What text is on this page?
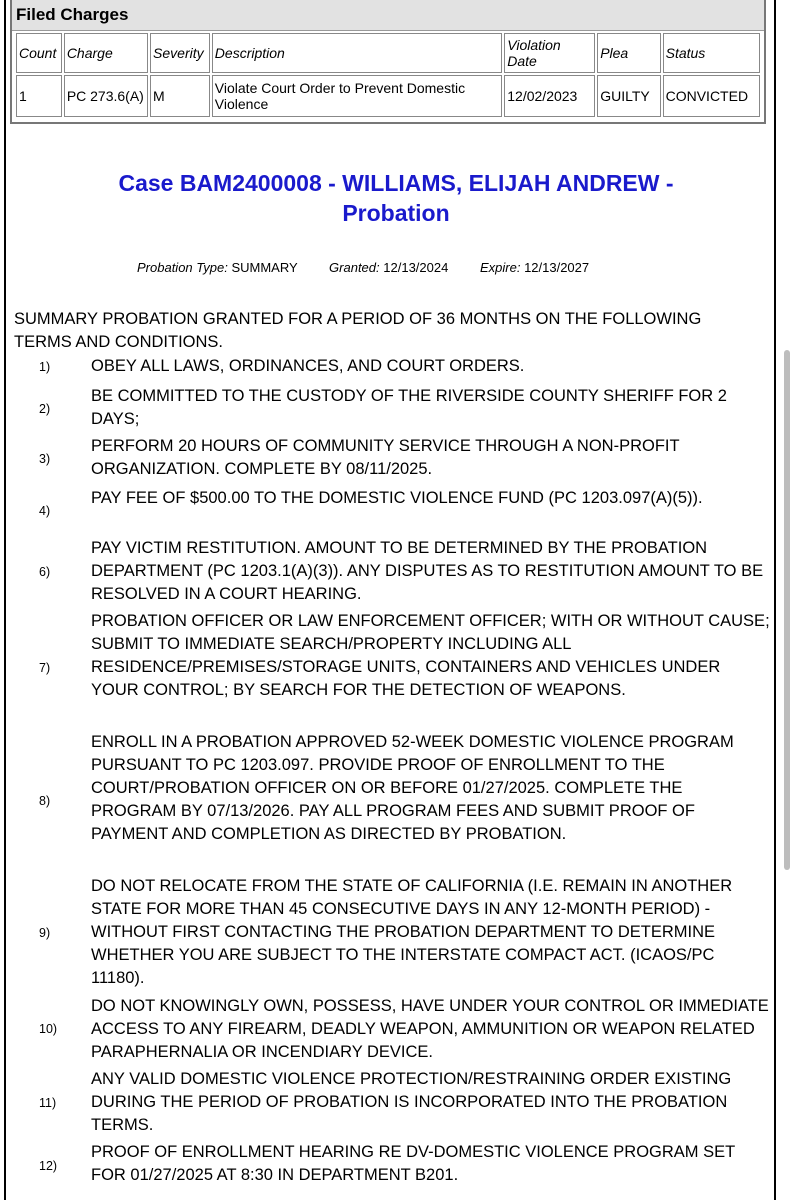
Filed Charges
Count	Charge	Severity	Description	Violation Date	Plea	Status
1	PC 273.6(A)	M	Violate Court Order to Prevent Domestic Violence	12/02/2023	GUILTY	CONVICTED
Case BAM2400008 - WILLIAMS, ELIJAH ANDREW - Probation
Probation Type: SUMMARY Granted: 12/13/2024 Expire: 12/13/2027
SUMMARY PROBATION GRANTED FOR A PERIOD OF 36 MONTHS ON THE FOLLOWING TERMS AND CONDITIONS.
1)	OBEY ALL LAWS, ORDINANCES, AND COURT ORDERS.
2)
BE COMMITTED TO THE CUSTODY OF THE RIVERSIDE COUNTY SHERIFF FOR 2 DAYS;
3)
PERFORM 20 HOURS OF COMMUNITY SERVICE THROUGH A NON-PROFIT ORGANIZATION. COMPLETE BY 08/11/2025.
4)
PAY FEE OF $500.00 TO THE DOMESTIC VIOLENCE FUND (PC 1203.097(A)(5)).
6)
PAY VICTIM RESTITUTION. AMOUNT TO BE DETERMINED BY THE PROBATION DEPARTMENT (PC 1203.1(A)(3)). ANY DISPUTES AS TO RESTITUTION AMOUNT TO BE RESOLVED IN A COURT HEARING.
7)
PROBATION OFFICER OR LAW ENFORCEMENT OFFICER; WITH OR WITHOUT CAUSE; SUBMIT TO IMMEDIATE SEARCH/PROPERTY INCLUDING ALL RESIDENCE/PREMISES/STORAGE UNITS, CONTAINERS AND VEHICLES UNDER YOUR CONTROL; BY SEARCH FOR THE DETECTION OF WEAPONS.
8)
ENROLL IN A PROBATION APPROVED 52-WEEK DOMESTIC VIOLENCE PROGRAM PURSUANT TO PC 1203.097. PROVIDE PROOF OF ENROLLMENT TO THE COURT/PROBATION OFFICER ON OR BEFORE 01/27/2025. COMPLETE THE PROGRAM BY 07/13/2026. PAY ALL PROGRAM FEES AND SUBMIT PROOF OF PAYMENT AND COMPLETION AS DIRECTED BY PROBATION.
9)
DO NOT RELOCATE FROM THE STATE OF CALIFORNIA (I.E. REMAIN IN ANOTHER STATE FOR MORE THAN 45 CONSECUTIVE DAYS IN ANY 12-MONTH PERIOD) -WITHOUT FIRST CONTACTING THE PROBATION DEPARTMENT TO DETERMINE WHETHER YOU ARE SUBJECT TO THE INTERSTATE COMPACT ACT. (ICAOS/PC 11180).
10)
DO NOT KNOWINGLY OWN, POSSESS, HAVE UNDER YOUR CONTROL OR IMMEDIATE ACCESS TO ANY FIREARM, DEADLY WEAPON, AMMUNITION OR WEAPON RELATED PARAPHERNALIA OR INCENDIARY DEVICE.
11)
ANY VALID DOMESTIC VIOLENCE PROTECTION/RESTRAINING ORDER EXISTING DURING THE PERIOD OF PROBATION IS INCORPORATED INTO THE PROBATION TERMS.
12)
PROOF OF ENROLLMENT HEARING RE DV-DOMESTIC VIOLENCE PROGRAM SET FOR 01/27/2025 AT 8:30 IN DEPARTMENT B201.
